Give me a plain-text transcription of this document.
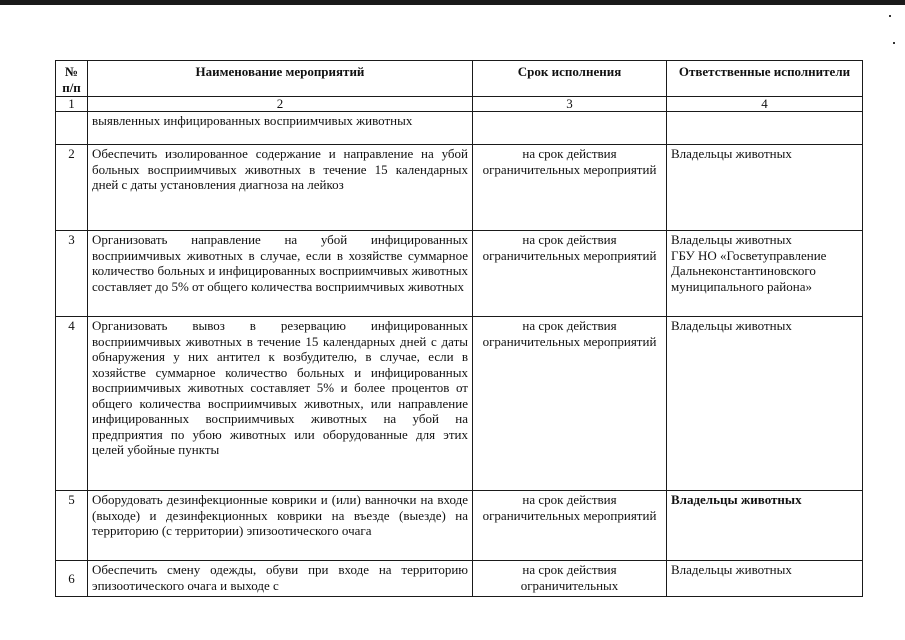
№ п/п	Наименование мероприятий	Срок исполнения	Ответственные исполнители
1	2	3	4
	выявленных инфицированных восприимчивых животных		
2	Обеспечить изолированное содержание и направление на убой больных восприимчивых животных в течение 15 календарных дней с даты установления диагноза на лейкоз	на срок действия ограничительных мероприятий	Владельцы животных

3	Организовать направление на убой инфицированных восприимчивых животных в случае, если в хозяйстве суммарное количество больных и инфицированных восприимчивых животных составляет до 5% от общего количества восприимчивых животных	на срок действия ограничительных мероприятий	Владельцы животных
ГБУ НО «Госветуправление Дальнеконстантиновского муниципального района»

4	Организовать вывоз в резервацию инфицированных восприимчивых животных в течение 15 календарных дней с даты обнаружения у них антител к возбудителю, в случае, если в хозяйстве суммарное количество больных и инфицированных восприимчивых животных составляет 5% и более процентов от общего количества восприимчивых животных, или направление инфицированных восприимчивых животных на убой на предприятия по убою животных или оборудованные для этих целей убойные пункты	на срок действия ограничительных мероприятий	Владельцы животных

5	Оборудовать дезинфекционные коврики и (или) ванночки на входе (выходе) и дезинфекционных коврики на въезде (выезде) на территорию (с территории) эпизоотического очага	на срок действия ограничительных мероприятий	Владельцы животных

6	Обеспечить смену одежды, обуви при входе на территорию эпизоотического очага и выходе с	на срок действия ограничительных	Владельцы животных
